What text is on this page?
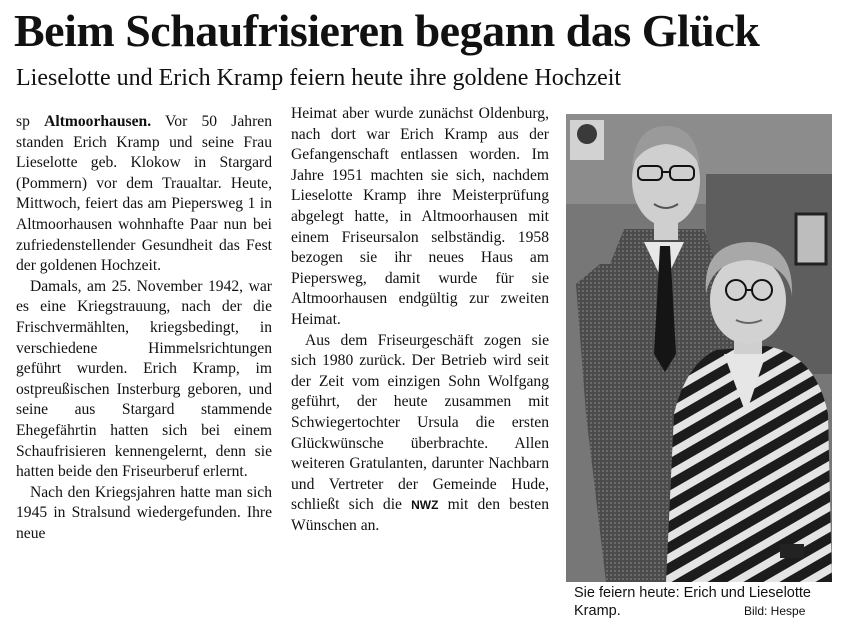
Beim Schaufrisieren begann das Glück
Lieselotte und Erich Kramp feiern heute ihre goldene Hochzeit

sp Altmoorhausen. Vor 50 Jahren standen Erich Kramp und seine Frau Lieselotte geb. Klokow in Stargard (Pommern) vor dem Traualtar. Heute, Mittwoch, feiert das am Piepersweg 1 in Altmoorhausen wohnhafte Paar nun bei zufriedenstellender Gesundheit das Fest der goldenen Hochzeit.

Damals, am 25. November 1942, war es eine Kriegstrauung, nach der die Frischvermählten, kriegsbedingt, in verschiedene Himmelsrichtungen geführt wurden. Erich Kramp, im ostpreußischen Insterburg geboren, und seine aus Stargard stammende Ehegefährtin hatten sich bei einem Schaufrisieren kennengelernt, denn sie hatten beide den Friseurberuf erlernt.

Nach den Kriegsjahren hatte man sich 1945 in Stralsund wiedergefunden. Ihre neue

Heimat aber wurde zunächst Oldenburg, nach dort war Erich Kramp aus der Gefangenschaft entlassen worden. Im Jahre 1951 machten sie sich, nachdem Lieselotte Kramp ihre Meisterprüfung abgelegt hatte, in Altmoorhausen mit einem Friseursalon selbständig. 1958 bezogen sie ihr neues Haus am Piepersweg, damit wurde für sie Altmoorhausen endgültig zur zweiten Heimat.

Aus dem Friseurgeschäft zogen sie sich 1980 zurück. Der Betrieb wird seit der Zeit vom einzigen Sohn Wolfgang geführt, der heute zusammen mit Schwiegertochter Ursula die ersten Glückwünsche überbrachte. Allen weiteren Gratulanten, darunter Nachbarn und Vertreter der Gemeinde Hude, schließt sich die NWZ mit den besten Wünschen an.

Sie feiern heute: Erich und Lieselotte Kramp.	Bild: Hespe
